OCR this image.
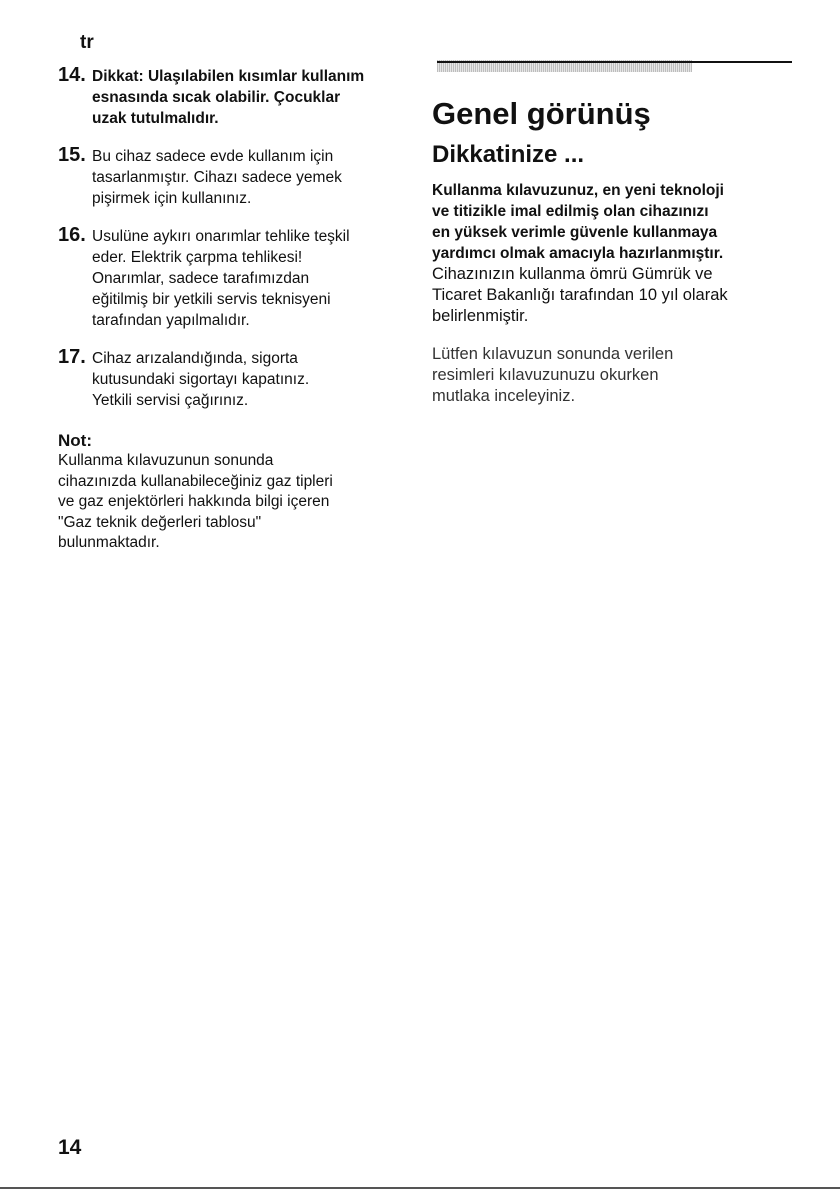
tr
14. Dikkat: Ulaşılabilen kısımlar kullanım
esnasında sıcak olabilir. Çocuklar
uzak tutulmalıdır.
15. Bu cihaz sadece evde kullanım için
tasarlanmıştır. Cihazı sadece yemek
pişirmek için kullanınız.
16. Usulüne aykırı onarımlar tehlike teşkil
eder. Elektrik çarpma tehlikesi!
Onarımlar, sadece tarafımızdan
eğitilmiş bir yetkili servis teknisyeni
tarafından yapılmalıdır.
17. Cihaz arızalandığında, sigorta
kutusundaki sigortayı kapatınız.
Yetkili servisi çağırınız.
Not:
Kullanma kılavuzunun sonunda
cihazınızda kullanabileceğiniz gaz tipleri
ve gaz enjektörleri hakkında bilgi içeren
"Gaz teknik değerleri tablosu"
bulunmaktadır.
Genel görünüş
Dikkatinize ...
Kullanma kılavuzunuz, en yeni teknoloji
ve titizikle imal edilmiş olan cihazınızı
en yüksek verimle güvenle kullanmaya
yardımcı olmak amacıyla hazırlanmıştır.
Cihazınızın kullanma ömrü Gümrük ve
Ticaret Bakanlığı tarafından 10 yıl olarak
belirlenmiştir.
Lütfen kılavuzun sonunda verilen
resimleri kılavuzunuzu okurken
mutlaka inceleyiniz.
14
